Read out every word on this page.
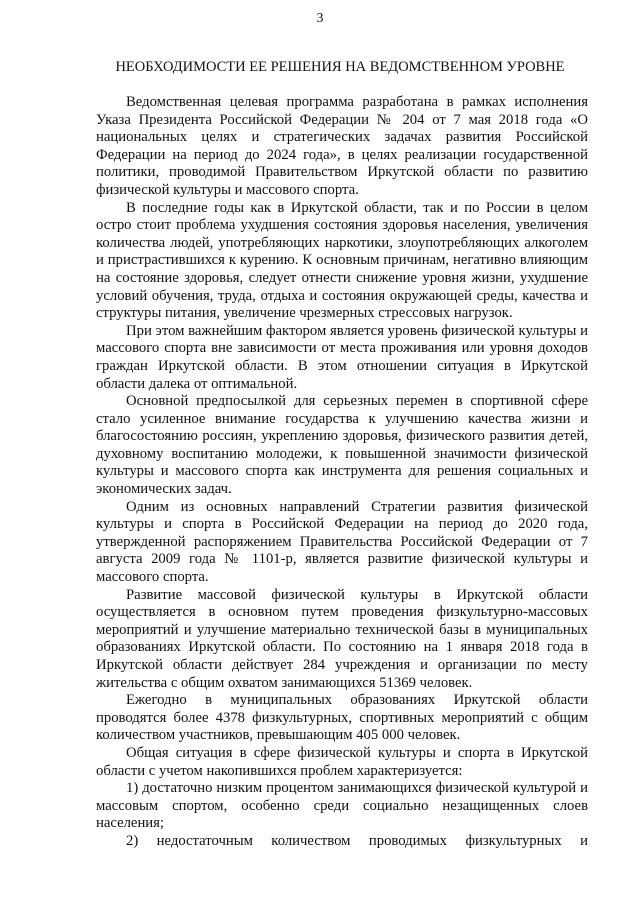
3
НЕОБХОДИМОСТИ ЕЕ РЕШЕНИЯ НА ВЕДОМСТВЕННОМ УРОВНЕ

Ведомственная целевая программа разработана в рамках исполнения Указа Президента Российской Федерации № 204 от 7 мая 2018 года «О национальных целях и стратегических задачах развития Российской Федерации на период до 2024 года», в целях реализации государственной политики, проводимой Правительством Иркутской области по развитию физической культуры и массового спорта.

В последние годы как в Иркутской области, так и по России в целом остро стоит проблема ухудшения состояния здоровья населения, увеличения количества людей, употребляющих наркотики, злоупотребляющих алкоголем и пристрастившихся к курению. К основным причинам, негативно влияющим на состояние здоровья, следует отнести снижение уровня жизни, ухудшение условий обучения, труда, отдыха и состояния окружающей среды, качества и структуры питания, увеличение чрезмерных стрессовых нагрузок.

При этом важнейшим фактором является уровень физической культуры и массового спорта вне зависимости от места проживания или уровня доходов граждан Иркутской области. В этом отношении ситуация в Иркутской области далека от оптимальной.

Основной предпосылкой для серьезных перемен в спортивной сфере стало усиленное внимание государства к улучшению качества жизни и благосостоянию россиян, укреплению здоровья, физического развития детей, духовному воспитанию молодежи, к повышенной значимости физической культуры и массового спорта как инструмента для решения социальных и экономических задач.

Одним из основных направлений Стратегии развития физической культуры и спорта в Российской Федерации на период до 2020 года, утвержденной распоряжением Правительства Российской Федерации от 7 августа 2009 года № 1101-р, является развитие физической культуры и массового спорта.

Развитие массовой физической культуры в Иркутской области осуществляется в основном путем проведения физкультурно-массовых мероприятий и улучшение материально технической базы в муниципальных образованиях Иркутской области. По состоянию на 1 января 2018 года в Иркутской области действует 284 учреждения и организации по месту жительства с общим охватом занимающихся 51369 человек.

Ежегодно в муниципальных образованиях Иркутской области проводятся более 4378 физкультурных, спортивных мероприятий с общим количеством участников, превышающим 405 000 человек.

Общая ситуация в сфере физической культуры и спорта в Иркутской области с учетом накопившихся проблем характеризуется:

1) достаточно низким процентом занимающихся физической культурой и массовым спортом, особенно среди социально незащищенных слоев населения;

2) недостаточным количеством проводимых физкультурных и
